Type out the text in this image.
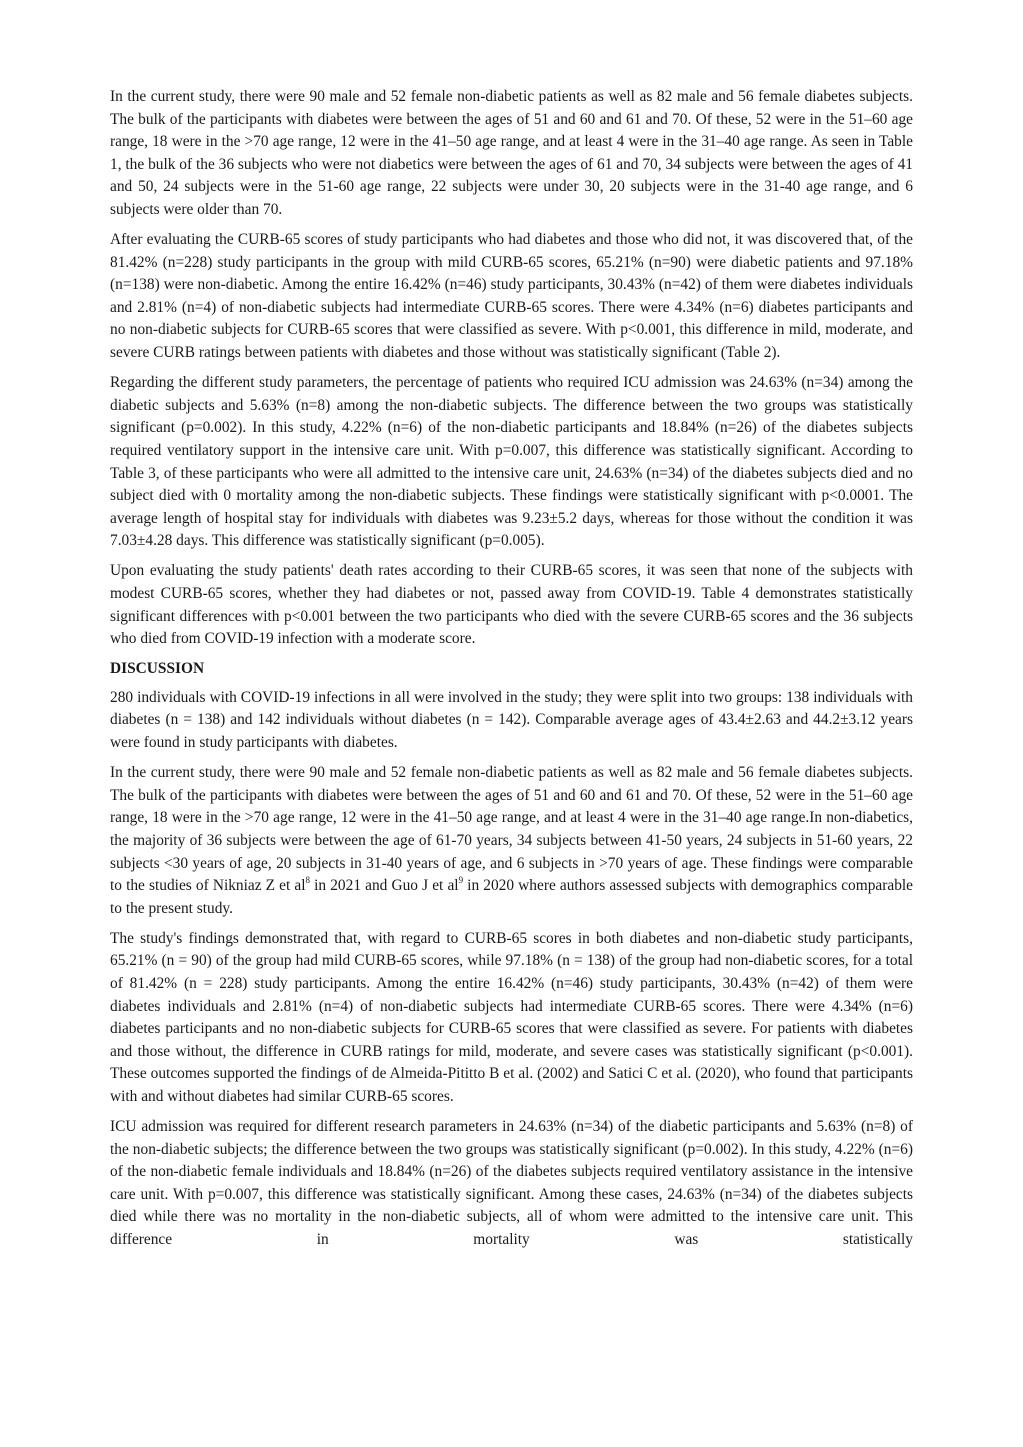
In the current study, there were 90 male and 52 female non-diabetic patients as well as 82 male and 56 female diabetes subjects. The bulk of the participants with diabetes were between the ages of 51 and 60 and 61 and 70. Of these, 52 were in the 51–60 age range, 18 were in the >70 age range, 12 were in the 41–50 age range, and at least 4 were in the 31–40 age range. As seen in Table 1, the bulk of the 36 subjects who were not diabetics were between the ages of 61 and 70, 34 subjects were between the ages of 41 and 50, 24 subjects were in the 51-60 age range, 22 subjects were under 30, 20 subjects were in the 31-40 age range, and 6 subjects were older than 70.

After evaluating the CURB-65 scores of study participants who had diabetes and those who did not, it was discovered that, of the 81.42% (n=228) study participants in the group with mild CURB-65 scores, 65.21% (n=90) were diabetic patients and 97.18% (n=138) were non-diabetic. Among the entire 16.42% (n=46) study participants, 30.43% (n=42) of them were diabetes individuals and 2.81% (n=4) of non-diabetic subjects had intermediate CURB-65 scores. There were 4.34% (n=6) diabetes participants and no non-diabetic subjects for CURB-65 scores that were classified as severe. With p<0.001, this difference in mild, moderate, and severe CURB ratings between patients with diabetes and those without was statistically significant (Table 2).

Regarding the different study parameters, the percentage of patients who required ICU admission was 24.63% (n=34) among the diabetic subjects and 5.63% (n=8) among the non-diabetic subjects. The difference between the two groups was statistically significant (p=0.002). In this study, 4.22% (n=6) of the non-diabetic participants and 18.84% (n=26) of the diabetes subjects required ventilatory support in the intensive care unit. With p=0.007, this difference was statistically significant. According to Table 3, of these participants who were all admitted to the intensive care unit, 24.63% (n=34) of the diabetes subjects died and no subject died with 0 mortality among the non-diabetic subjects. These findings were statistically significant with p<0.0001. The average length of hospital stay for individuals with diabetes was 9.23±5.2 days, whereas for those without the condition it was 7.03±4.28 days. This difference was statistically significant (p=0.005).

Upon evaluating the study patients' death rates according to their CURB-65 scores, it was seen that none of the subjects with modest CURB-65 scores, whether they had diabetes or not, passed away from COVID-19. Table 4 demonstrates statistically significant differences with p<0.001 between the two participants who died with the severe CURB-65 scores and the 36 subjects who died from COVID-19 infection with a moderate score.

DISCUSSION

280 individuals with COVID-19 infections in all were involved in the study; they were split into two groups: 138 individuals with diabetes (n = 138) and 142 individuals without diabetes (n = 142). Comparable average ages of 43.4±2.63 and 44.2±3.12 years were found in study participants with diabetes.

In the current study, there were 90 male and 52 female non-diabetic patients as well as 82 male and 56 female diabetes subjects. The bulk of the participants with diabetes were between the ages of 51 and 60 and 61 and 70. Of these, 52 were in the 51–60 age range, 18 were in the >70 age range, 12 were in the 41–50 age range, and at least 4 were in the 31–40 age range.In non-diabetics, the majority of 36 subjects were between the age of 61-70 years, 34 subjects between 41-50 years, 24 subjects in 51-60 years, 22 subjects <30 years of age, 20 subjects in 31-40 years of age, and 6 subjects in >70 years of age. These findings were comparable to the studies of Nikniaz Z et $al^8$ in 2021 and Guo J et $al^9$ in 2020 where authors assessed subjects with demographics comparable to the present study.

The study's findings demonstrated that, with regard to CURB-65 scores in both diabetes and non-diabetic study participants, 65.21% (n = 90) of the group had mild CURB-65 scores, while 97.18% (n = 138) of the group had non-diabetic scores, for a total of 81.42% (n = 228) study participants. Among the entire 16.42% (n=46) study participants, 30.43% (n=42) of them were diabetes individuals and 2.81% (n=4) of non-diabetic subjects had intermediate CURB-65 scores. There were 4.34% (n=6) diabetes participants and no non-diabetic subjects for CURB-65 scores that were classified as severe. For patients with diabetes and those without, the difference in CURB ratings for mild, moderate, and severe cases was statistically significant (p<0.001). These outcomes supported the findings of de Almeida-Pititto B et al. (2002) and Satici C et al. (2020), who found that participants with and without diabetes had similar CURB-65 scores.

ICU admission was required for different research parameters in 24.63% (n=34) of the diabetic participants and 5.63% (n=8) of the non-diabetic subjects; the difference between the two groups was statistically significant (p=0.002). In this study, 4.22% (n=6) of the non-diabetic female individuals and 18.84% (n=26) of the diabetes subjects required ventilatory assistance in the intensive care unit. With p=0.007, this difference was statistically significant. Among these cases, 24.63% (n=34) of the diabetes subjects died while there was no mortality in the non-diabetic subjects, all of whom were admitted to the intensive care unit. This difference in mortality was statistically
